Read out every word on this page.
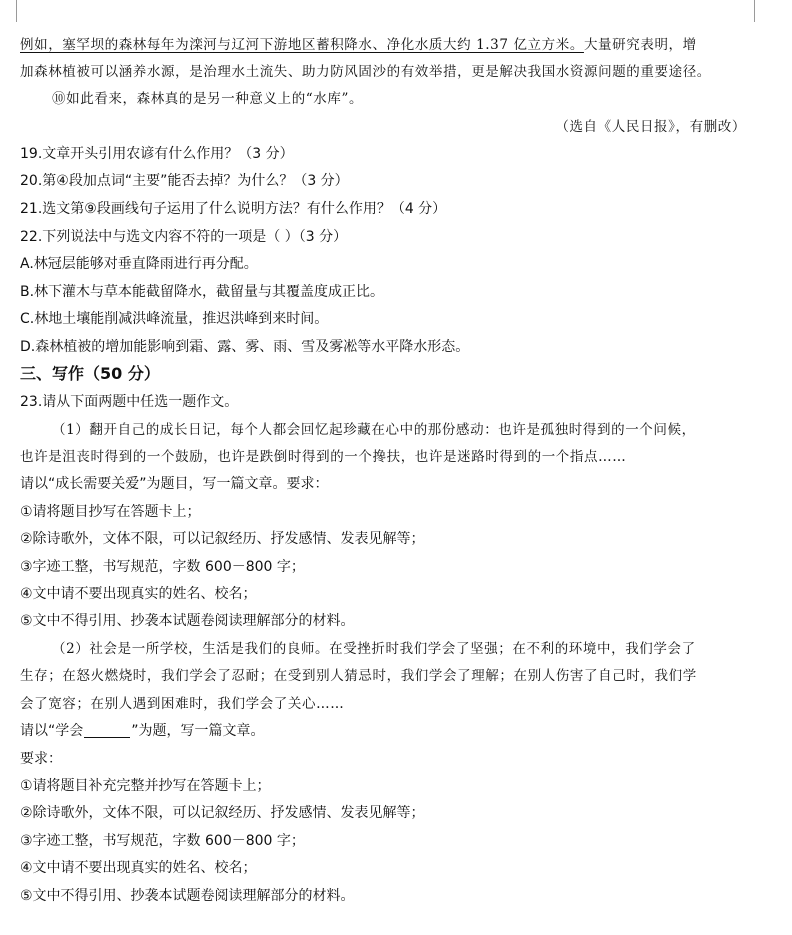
例如，塞罕坝的森林每年为滦河与辽河下游地区蓄积降水、净化水质大约 1.37 亿立方米。大量研究表明，增
加森林植被可以涵养水源，是治理水土流失、助力防风固沙的有效举措，更是解决我国水资源问题的重要途径。
⑩如此看来，森林真的是另一种意义上的“水库”。
（选自《人民日报》，有删改）
19.文章开头引用农谚有什么作用？（3 分）
20.第④段加点词“主要”能否去掉？为什么？（3 分）
21.选文第⑨段画线句子运用了什么说明方法？有什么作用？（4 分）
22.下列说法中与选文内容不符的一项是（ ）（3 分）
A.林冠层能够对垂直降雨进行再分配。
B.林下灌木与草本能截留降水，截留量与其覆盖度成正比。
C.林地土壤能削减洪峰流量，推迟洪峰到来时间。
D.森林植被的增加能影响到霜、露、雾、雨、雪及雾凇等水平降水形态。
三、写作（50 分）
23.请从下面两题中任选一题作文。
（1）翻开自己的成长日记，每个人都会回忆起珍藏在心中的那份感动：也许是孤独时得到的一个问候，
也许是沮丧时得到的一个鼓励，也许是跌倒时得到的一个搀扶，也许是迷路时得到的一个指点……
请以“成长需要关爱”为题目，写一篇文章。要求：
①请将题目抄写在答题卡上；
②除诗歌外，文体不限，可以记叙经历、抒发感情、发表见解等；
③字迹工整，书写规范，字数 600－800 字；
④文中请不要出现真实的姓名、校名；
⑤文中不得引用、抄袭本试题卷阅读理解部分的材料。
（2）社会是一所学校，生活是我们的良师。在受挫折时我们学会了坚强；在不利的环境中，我们学会了
生存；在怒火燃烧时，我们学会了忍耐；在受到别人猜忌时，我们学会了理解；在别人伤害了自己时，我们学
会了宽容；在别人遇到困难时，我们学会了关心……
请以“学会	”为题，写一篇文章。
要求：
①请将题目补充完整并抄写在答题卡上；
②除诗歌外，文体不限，可以记叙经历、抒发感情、发表见解等；
③字迹工整，书写规范，字数 600－800 字；
④文中请不要出现真实的姓名、校名；
⑤文中不得引用、抄袭本试题卷阅读理解部分的材料。
